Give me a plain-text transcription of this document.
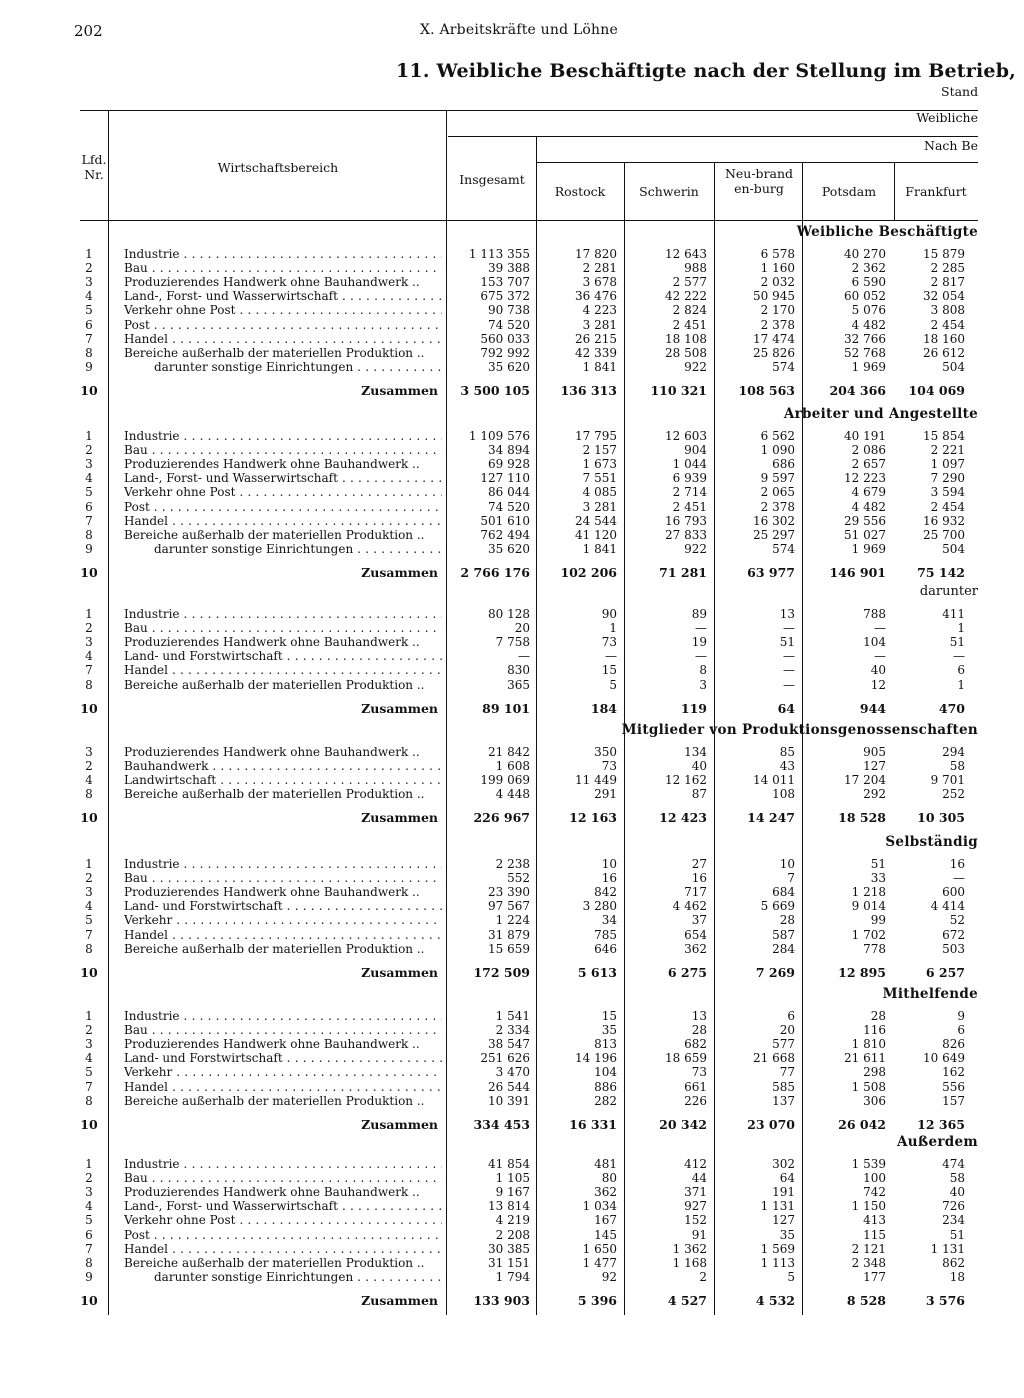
202	X. Arbeitskräfte und Löhne
11. Weibliche Beschäftigte nach der Stellung im Betrieb,
Stand
Lfd. Nr.	Wirtschaftsbereich
Weibliche
Nach Be
Insgesamt
Rostock	Schwerin
Neu-branden-burg	Potsdam	Frankfurt
Weibliche Beschäftigte
1	Industrie . . .	1 113 355	17 820	12 643	6 578	40 270	15 879
2	Bau . . .	39 388	2 281	988	1 160	2 362	2 285
3	Produzierendes Handwerk ohne Bauhandwerk ..	153 707	3 678	2 577	2 032	6 590	2 817
4	Land-, Forst- und Wasserwirtschaft . . .	675 372	36 476	42 222	50 945	60 052	32 054
5	Verkehr ohne Post . . .	90 738	4 223	2 824	2 170	5 076	3 808
6	Post . . .	74 520	3 281	2 451	2 378	4 482	2 454
7	Handel . . .	560 033	26 215	18 108	17 474	32 766	18 160
8	Bereiche außerhalb der materiellen Produktion ..	792 992	42 339	28 508	25 826	52 768	26 612
9	darunter sonstige Einrichtungen . . .	35 620	1 841	922	574	1 969	504
10	Zusammen	3 500 105	136 313	110 321	108 563	204 366	104 069
Arbeiter und Angestellte
1	Industrie . . .	1 109 576	17 795	12 603	6 562	40 191	15 854
2	Bau . . .	34 894	2 157	904	1 090	2 086	2 221
3	Produzierendes Handwerk ohne Bauhandwerk ..	69 928	1 673	1 044	686	2 657	1 097
4	Land-, Forst- und Wasserwirtschaft . . .	127 110	7 551	6 939	9 597	12 223	7 290
5	Verkehr ohne Post . . .	86 044	4 085	2 714	2 065	4 679	3 594
6	Post . . .	74 520	3 281	2 451	2 378	4 482	2 454
7	Handel . . .	501 610	24 544	16 793	16 302	29 556	16 932
8	Bereiche außerhalb der materiellen Produktion ..	762 494	41 120	27 833	25 297	51 027	25 700
9	darunter sonstige Einrichtungen . . .	35 620	1 841	922	574	1 969	504
10	Zusammen	2 766 176	102 206	71 281	63 977	146 901	75 142
darunter
1	Industrie . . .	80 128	90	89	13	788	411
2	Bau . . .	20	1	—	—	—	1
3	Produzierendes Handwerk ohne Bauhandwerk ..	7 758	73	19	51	104	51
4	Land- und Forstwirtschaft . . .	—	—	—	—	—	—
7	Handel . . .	830	15	8	—	40	6
8	Bereiche außerhalb der materiellen Produktion ..	365	5	3	—	12	1
10	Zusammen	89 101	184	119	64	944	470
Mitglieder von Produktionsgenossenschaften
3	Produzierendes Handwerk ohne Bauhandwerk ..	21 842	350	134	85	905	294
2	Bauhandwerk . . .	1 608	73	40	43	127	58
4	Landwirtschaft . . .	199 069	11 449	12 162	14 011	17 204	9 701
8	Bereiche außerhalb der materiellen Produktion ..	4 448	291	87	108	292	252
10	Zusammen	226 967	12 163	12 423	14 247	18 528	10 305
Selbständig
1	Industrie . . .	2 238	10	27	10	51	16
2	Bau . . .	552	16	16	7	33	—
3	Produzierendes Handwerk ohne Bauhandwerk ..	23 390	842	717	684	1 218	600
4	Land- und Forstwirtschaft . . .	97 567	3 280	4 462	5 669	9 014	4 414
5	Verkehr . . .	1 224	34	37	28	99	52
7	Handel . . .	31 879	785	654	587	1 702	672
8	Bereiche außerhalb der materiellen Produktion ..	15 659	646	362	284	778	503
10	Zusammen	172 509	5 613	6 275	7 269	12 895	6 257
Mithelfende
1	Industrie . . .	1 541	15	13	6	28	9
2	Bau . . .	2 334	35	28	20	116	6
3	Produzierendes Handwerk ohne Bauhandwerk ..	38 547	813	682	577	1 810	826
4	Land- und Forstwirtschaft . . .	251 626	14 196	18 659	21 668	21 611	10 649
5	Verkehr . . .	3 470	104	73	77	298	162
7	Handel . . .	26 544	886	661	585	1 508	556
8	Bereiche außerhalb der materiellen Produktion ..	10 391	282	226	137	306	157
10	Zusammen	334 453	16 331	20 342	23 070	26 042	12 365
Außerdem
1	Industrie . . .	41 854	481	412	302	1 539	474
2	Bau . . .	1 105	80	44	64	100	58
3	Produzierendes Handwerk ohne Bauhandwerk ..	9 167	362	371	191	742	40
4	Land-, Forst- und Wasserwirtschaft . . .	13 814	1 034	927	1 131	1 150	726
5	Verkehr ohne Post . . .	4 219	167	152	127	413	234
6	Post . . .	2 208	145	91	35	115	51
7	Handel . . .	30 385	1 650	1 362	1 569	2 121	1 131
8	Bereiche außerhalb der materiellen Produktion ..	31 151	1 477	1 168	1 113	2 348	862
9	darunter sonstige Einrichtungen . . .	1 794	92	2	5	177	18
10	Zusammen	133 903	5 396	4 527	4 532	8 528	3 576
